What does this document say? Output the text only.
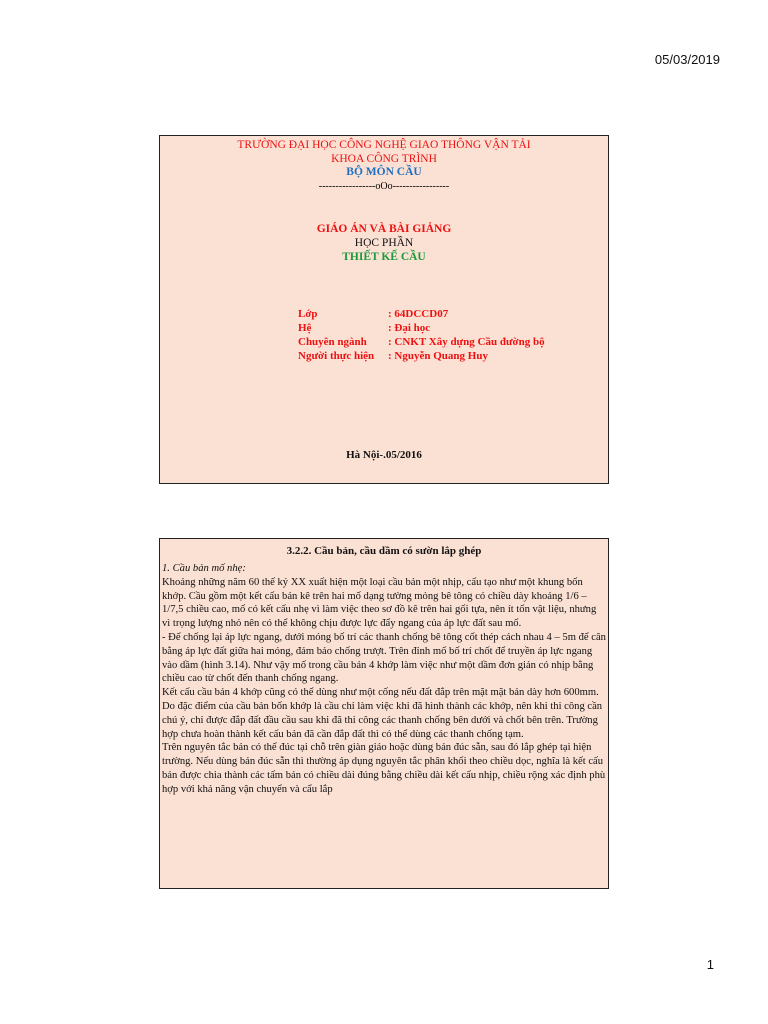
05/03/2019
TRƯỜNG ĐẠI HỌC CÔNG NGHỆ GIAO THÔNG VẬN TẢI
KHOA CÔNG TRÌNH
BỘ MÔN CẦU
-----------------oOo-----------------
GIÁO ÁN VÀ BÀI GIẢNG
HỌC PHẦN
THIẾT KẾ CẦU
Lớp	: 64DCCD07
Hệ	: Đại học
Chuyên ngành : CNKT Xây dựng Cầu đường bộ
Người thực hiện : Nguyễn Quang Huy
Hà Nội-.05/2016
3.2.2. Cầu bản, cầu dầm có sườn lắp ghép

1. Cầu bản mố nhẹ:

Khoảng những năm 60 thế kỷ XX xuất hiện một loại cầu bản một nhịp, cấu tạo như một khung bốn khớp. Cầu gồm một kết cấu bản kê trên hai mố dạng tường mỏng bê tông có chiều dày khoảng 1/6 – 1/7,5 chiều cao, mố có kết cấu nhẹ vì làm việc theo sơ đồ kê trên hai gối tựa, nên ít tốn vật liệu, nhưng vì trọng lượng nhỏ nên có thể không chịu được lực đẩy ngang của áp lực đất sau mố.

- Để chống lại áp lực ngang, dưới móng bố trí các thanh chống bê tông cốt thép cách nhau 4 – 5m để cân bằng áp lực đất giữa hai móng, đảm bảo chống trượt. Trên đỉnh mố bố trí chốt để truyền áp lực ngang vào dầm (hình 3.14). Như vậy mố trong cầu bản 4 khớp làm việc như một dầm đơn giản có nhịp bằng chiều cao từ chốt đến thanh chống ngang.

Kết cấu cầu bản 4 khớp cũng có thể dùng như một cống nếu đất đắp trên mặt mặt bản dày hơn 600mm. Do đặc điểm của cầu bản bốn khớp là cầu chỉ làm việc khi đã hình thành các khớp, nên khi thi công cần chú ý, chỉ được đắp đất đầu cầu sau khi đã thi công các thanh chống bên dưới và chốt bên trên. Trường hợp chưa hoàn thành kết cấu bản đã cần đắp đất thì có thể dùng các thanh chống tạm.

Trên nguyên tắc bản có thể đúc tại chỗ trên giàn giáo hoặc dùng bản đúc sẵn, sau đó lắp ghép tại hiện trường. Nếu dùng bản đúc sẵn thì thường áp dụng nguyên tắc phân khối theo chiều dọc, nghĩa là kết cấu bản được chia thành các tấm bản có chiều dài đúng bằng chiều dài kết cấu nhịp, chiều rộng xác định phù hợp với khả năng vận chuyển và cẩu lắp

1
